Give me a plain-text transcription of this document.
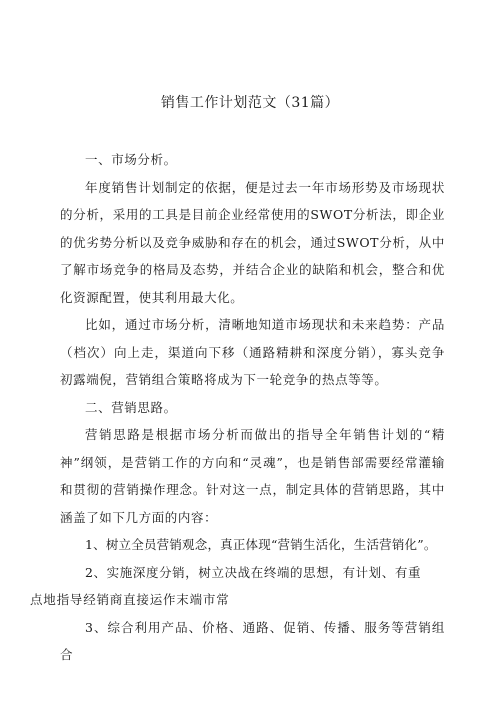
销售工作计划范文（31篇）

一、市场分析。

年度销售计划制定的依据，便是过去一年市场形势及市场现状的分析，采用的工具是目前企业经常使用的SWOT分析法，即企业的优劣势分析以及竞争威胁和存在的机会，通过SWOT分析，从中了解市场竞争的格局及态势，并结合企业的缺陷和机会，整合和优化资源配置，使其利用最大化。

比如，通过市场分析，清晰地知道市场现状和未来趋势：产品（档次）向上走，渠道向下移（通路精耕和深度分销），寡头竞争初露端倪，营销组合策略将成为下一轮竞争的热点等等。

二、营销思路。

营销思路是根据市场分析而做出的指导全年销售计划的“精神”纲领，是营销工作的方向和“灵魂”，也是销售部需要经常灌输和贯彻的营销操作理念。针对这一点，制定具体的营销思路，其中涵盖了如下几方面的内容：

1、树立全员营销观念，真正体现“营销生活化，生活营销化”。

2、实施深度分销，树立决战在终端的思想，有计划、有重
点地指导经销商直接运作末端市常

3、综合利用产品、价格、通路、促销、传播、服务等营销组合
